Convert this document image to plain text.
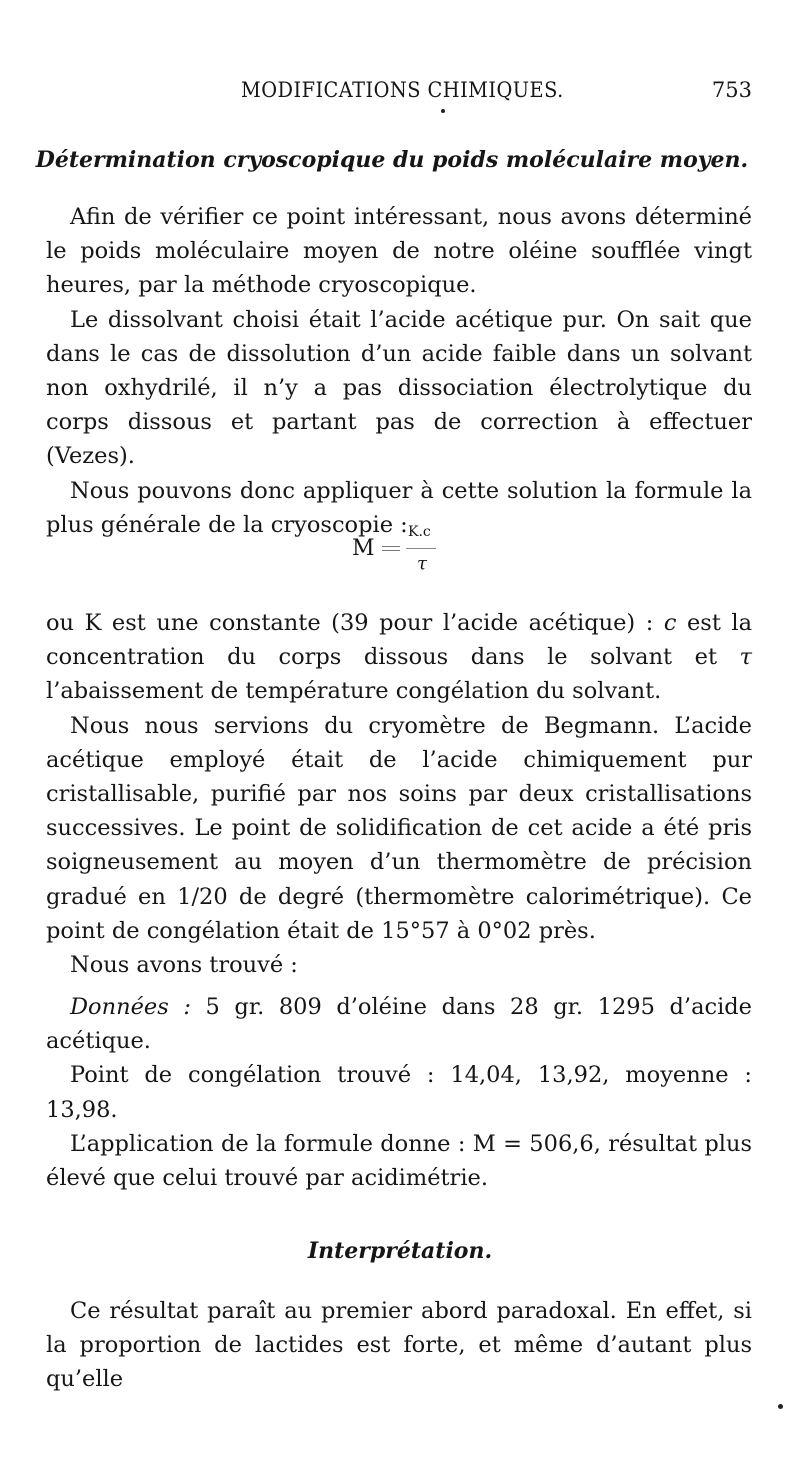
MODIFICATIONS CHIMIQUES.	753
Détermination cryoscopique du poids moléculaire moyen.

Afin de vérifier ce point intéressant, nous avons déterminé le poids moléculaire moyen de notre oléine soufflée vingt heures, par la méthode cryoscopique.

Le dissolvant choisi était l’acide acétique pur. On sait que dans le cas de dissolution d’un acide faible dans un solvant non oxhydrilé, il n’y a pas dissociation électrolytique du corps dissous et partant pas de correction à effectuer (Vezes).

Nous pouvons donc appliquer à cette solution la formule la plus générale de la cryoscopie :

M
K.c
τ

ou K est une constante (39 pour l’acide acétique) : c est la concentration du corps dissous dans le solvant et τ l’abaissement de température congélation du solvant.

Nous nous servions du cryomètre de Begmann. L’acide acétique employé était de l’acide chimiquement pur cristallisable, purifié par nos soins par deux cristallisations successives. Le point de solidification de cet acide a été pris soigneusement au moyen d’un thermomètre de précision gradué en 1/20 de degré (thermomètre calorimétrique). Ce point de congélation était de 15°57 à 0°02 près.

Nous avons trouvé :

Données : 5 gr. 809 d’oléine dans 28 gr. 1295 d’acide acétique.

Point de congélation trouvé : 14,04, 13,92, moyenne : 13,98.

L’application de la formule donne : M = 506,6, résultat plus élevé que celui trouvé par acidimétrie.

Interprétation.

Ce résultat paraît au premier abord paradoxal. En effet, si la proportion de lactides est forte, et même d’autant plus qu’elle
